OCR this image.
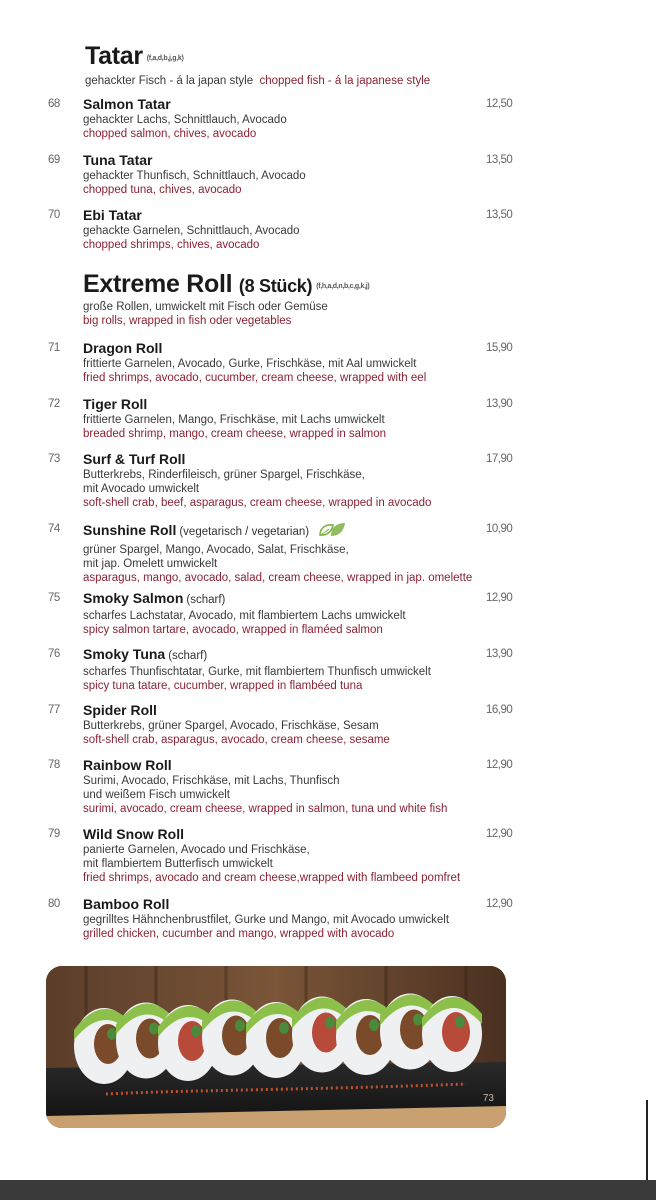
Tatar (f,a,d,b,j,g,k)
gehackter Fisch - á la japan style chopped fish - á la japanese style
68 Salmon Tatar
gehackter Lachs, Schnittlauch, Avocado
chopped salmon, chives, avocado
12,50
69 Tuna Tatar
gehackter Thunfisch, Schnittlauch, Avocado
chopped tuna, chives, avocado
13,50
70 Ebi Tatar
gehackte Garnelen, Schnittlauch, Avocado
chopped shrimps, chives, avocado
13,50
Extreme Roll (8 Stück) (f,h,a,d,n,b,c,g,k,j)
große Rollen, umwickelt mit Fisch oder Gemüse
big rolls, wrapped in fish oder vegetables
71 Dragon Roll
frittierte Garnelen, Avocado, Gurke, Frischkäse, mit Aal umwickelt
fried shrimps, avocado, cucumber, cream cheese, wrapped with eel
15,90
72 Tiger Roll
frittierte Garnelen, Mango, Frischkäse, mit Lachs umwickelt
breaded shrimp, mango, cream cheese, wrapped in salmon
13,90
73 Surf & Turf Roll
Butterkrebs, Rinderfileisch, grüner Spargel, Frischkäse,
mit Avocado umwickelt
soft-shell crab, beef, asparagus, cream cheese, wrapped in avocado
17,90
74 Sunshine Roll (vegetarisch / vegetarian)
grüner Spargel, Mango, Avocado, Salat, Frischkäse,
mit jap. Omelett umwickelt
asparagus, mango, avocado, salad, cream cheese, wrapped in jap. omelette
10,90
75 Smoky Salmon (scharf)
scharfes Lachstatar, Avocado, mit flambiertem Lachs umwickelt
spicy salmon tartare, avocado, wrapped in flaméed salmon
12,90
76 Smoky Tuna (scharf)
scharfes Thunfischtatar, Gurke, mit flambiertem Thunfisch umwickelt
spicy tuna tatare, cucumber, wrapped in flambéed tuna
13,90
77 Spider Roll
Butterkrebs, grüner Spargel, Avocado, Frischkäse, Sesam
soft-shell crab, asparagus, avocado, cream cheese, sesame
16,90
78 Rainbow Roll
Surimi, Avocado, Frischkäse, mit Lachs, Thunfisch
und weißem Fisch umwickelt
surimi, avocado, cream cheese, wrapped in salmon, tuna und white fish
12,90
79 Wild Snow Roll
panierte Garnelen, Avocado und Frischkäse,
mit flambiertem Butterfisch umwickelt
fried shrimps, avocado and cream cheese,wrapped with flambeed pomfret
12,90
80 Bamboo Roll
gegrilltes Hähnchenbrustfilet, Gurke und Mango, mit Avocado umwickelt
grilled chicken, cucumber and mango, wrapped with avocado
12,90
73
